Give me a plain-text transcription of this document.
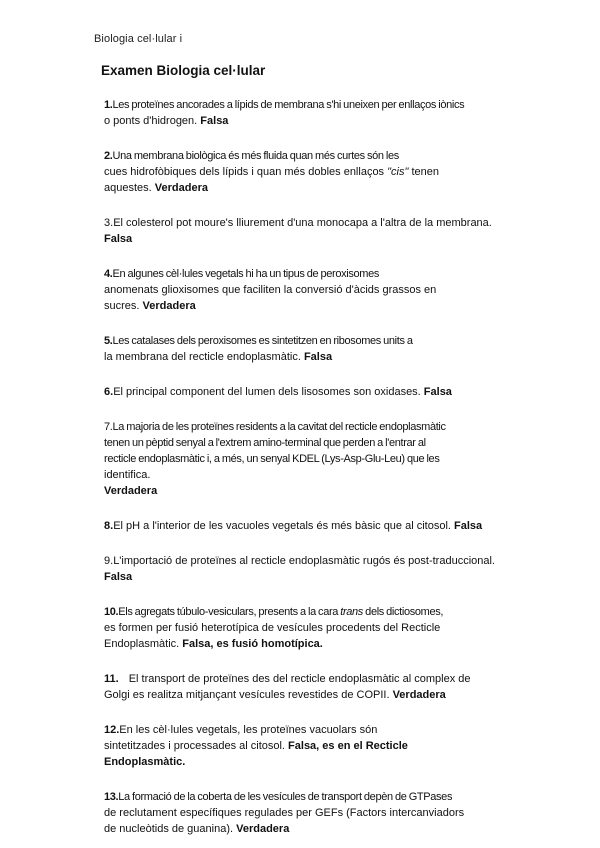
Biologia cel·lular i
Examen Biologia cel·lular
1.Les proteïnes ancorades a lípids de membrana s'hi uneixen per enllaços iònics
o ponts d'hidrogen. Falsa
2.Una membrana biològica és més fluida quan més curtes són les
cues hidrofòbiques dels lípids i quan més dobles enllaços "cis" tenen
aquestes. Verdadera
3.El colesterol pot moure's lliurement d'una monocapa a l'altra de la membrana.
Falsa
4.En algunes cèl·lules vegetals hi ha un tipus de peroxisomes
anomenats glioxisomes que faciliten la conversió d'àcids grassos en
sucres. Verdadera
5.Les catalases dels peroxisomes es sintetitzen en ribosomes units a
la membrana del recticle endoplasmàtic. Falsa
6.El principal component del lumen dels lisosomes son oxidases. Falsa
7.La majoria de les proteïnes residents a la cavitat del recticle endoplasmàtic
tenen un pèptid senyal a l'extrem amino-terminal que perden a l'entrar al
recticle endoplasmàtic i, a més, un senyal KDEL (Lys-Asp-Glu-Leu) que les
identifica.
Verdadera
8.El pH a l'interior de les vacuoles vegetals és més bàsic que al citosol. Falsa
9.L'importació de proteïnes al recticle endoplasmàtic rugós és post-traduccional.
Falsa
10.Els agregats túbulo-vesiculars, presents a la cara trans dels dictiosomes,
es formen per fusió heterotípica de vesícules procedents del Recticle
Endoplasmàtic. Falsa, es fusió homotípica.
11. El transport de proteïnes des del recticle endoplasmàtic al complex de
Golgi es realitza mitjançant vesícules revestides de COPII. Verdadera
12.En les cèl·lules vegetals, les proteïnes vacuolars són
sintetitzades i processades al citosol. Falsa, es en el Recticle
Endoplasmàtic.
13.La formació de la coberta de les vesícules de transport depèn de GTPases
de reclutament específiques regulades per GEFs (Factors intercanviadors
de nucleòtids de guanina). Verdadera
